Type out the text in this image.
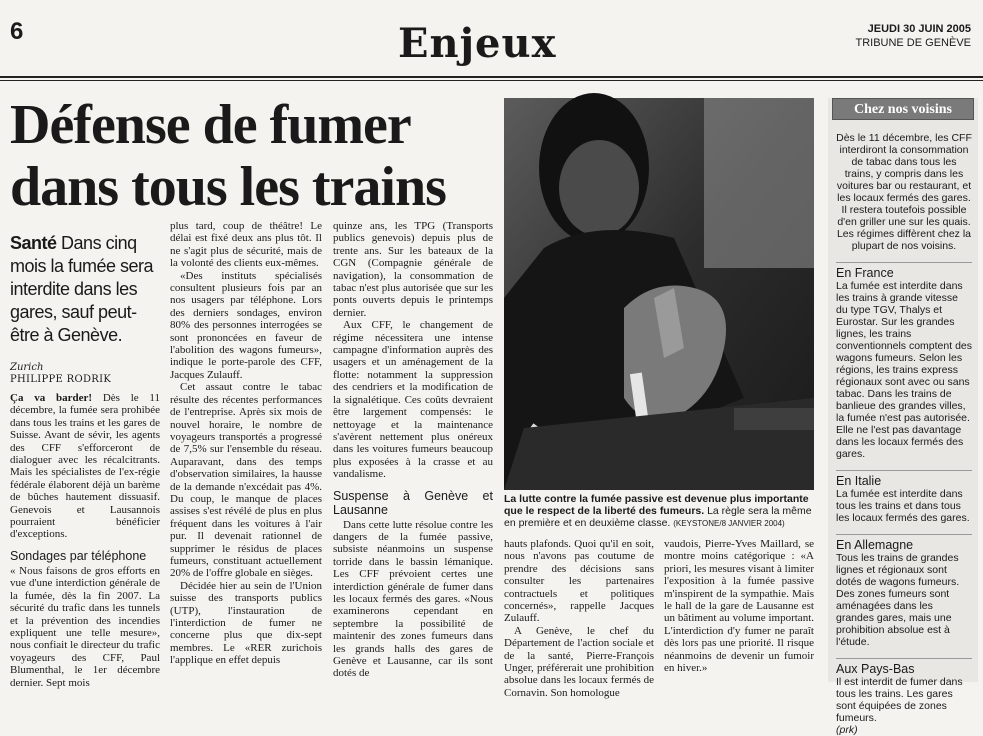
6	Enjeux	JEUDI 30 JUIN 2005
TRIBUNE DE GENÈVE
Défense de fumer
dans tous les trains
Santé Dans cinq mois la fumée sera interdite dans les gares, sauf peut-être à Genève.
Zurich
PHILIPPE RODRIK

Ça va barder! Dès le 11 décembre, la fumée sera prohibée dans tous les trains et les gares de Suisse. Avant de sévir, les agents des CFF s'efforceront de dialoguer avec les récalcitrants. Mais les spécialistes de l'ex-régie fédérale élaborent déjà un barème de bûches hautement dissuasif. Genevois et Lausannois pourraient bénéficier d'exceptions.

Sondages par téléphone

« Nous faisons de gros efforts en vue d'une interdiction générale de la fumée, dès la fin 2007. La sécurité du trafic dans les tunnels et la prévention des incendies expliquent une telle mesure», nous confiait le directeur du trafic voyageurs des CFF, Paul Blumenthal, le 1er décembre dernier. Sept mois

plus tard, coup de théâtre! Le délai est fixé deux ans plus tôt. Il ne s'agit plus de sécurité, mais de la volonté des clients eux-mêmes.

«Des instituts spécialisés consultent plusieurs fois par an nos usagers par téléphone. Lors des derniers sondages, environ 80% des personnes interrogées se sont prononcées en faveur de l'abolition des wagons fumeurs», indique le porte-parole des CFF, Jacques Zulauff.

Cet assaut contre le tabac résulte des récentes performances de l'entreprise. Après six mois de nouvel horaire, le nombre de voyageurs transportés a progressé de 7,5% sur l'ensemble du réseau. Auparavant, dans des temps d'observation similaires, la hausse de la demande n'excédait pas 4%. Du coup, le manque de places assises s'est révélé de plus en plus fréquent dans les voitures à l'air pur. Il devenait rationnel de supprimer le résidus de places fumeurs, constituant actuellement 20% de l'offre globale en sièges.

Décidée hier au sein de l'Union suisse des transports publics (UTP), l'instauration de l'interdiction de fumer ne concerne plus que dix-sept membres. Le «RER zurichois l'applique en effet depuis

quinze ans, les TPG (Transports publics genevois) depuis plus de trente ans. Sur les bateaux de la CGN (Compagnie générale de navigation), la consommation de tabac n'est plus autorisée que sur les ponts ouverts depuis le printemps dernier.

Aux CFF, le changement de régime nécessitera une intense campagne d'information auprès des usagers et un aménagement de la flotte: notamment la suppression des cendriers et la modification de la signalétique. Ces coûts devraient être largement compensés: le nettoyage et la maintenance s'avèrent nettement plus onéreux dans les voitures fumeurs beaucoup plus exposées à la crasse et au vandalisme.

Suspense à Genève et Lausanne

Dans cette lutte résolue contre les dangers de la fumée passive, subsiste néanmoins un suspense torride dans le bassin lémanique. Les CFF prévoient certes une interdiction générale de fumer dans les locaux fermés des gares. «Nous examinerons cependant en septembre la possibilité de maintenir des zones fumeurs dans les grands halls des gares de Genève et Lausanne, car ils sont dotés de

La lutte contre la fumée passive est devenue plus importante que le respect de la liberté des fumeurs. La règle sera la même en première et en deuxième classe. (KEYSTONE/8 JANVIER 2004)

hauts plafonds. Quoi qu'il en soit, nous n'avons pas coutume de prendre des décisions sans consulter les partenaires contractuels et politiques concernés», rappelle Jacques Zulauff.

A Genève, le chef du Département de l'action sociale et de la santé, Pierre-François Unger, préférerait une prohibition absolue dans les locaux fermés de Cornavin. Son homologue

vaudois, Pierre-Yves Maillard, se montre moins catégorique : «A priori, les mesures visant à limiter l'exposition à la fumée passive m'inspirent de la sympathie. Mais le hall de la gare de Lausanne est un bâtiment au volume important. L'interdiction d'y fumer ne paraît dès lors pas une priorité. Il risque néanmoins de devenir un fumoir en hiver.»

Chez nos voisins

Dès le 11 décembre, les CFF interdiront la consommation de tabac dans tous les trains, y compris dans les voitures bar ou restaurant, et les locaux fermés des gares. Il restera toutefois possible d'en griller une sur les quais. Les régimes diffèrent chez la plupart de nos voisins.

En France

La fumée est interdite dans les trains à grande vitesse du type TGV, Thalys et Eurostar. Sur les grandes lignes, les trains conventionnels comptent des wagons fumeurs. Selon les régions, les trains express régionaux sont avec ou sans tabac. Dans les trains de banlieue des grandes villes, la fumée n'est pas autorisée. Elle ne l'est pas davantage dans les locaux fermés des gares.

En Italie

La fumée est interdite dans tous les trains et dans tous les locaux fermés des gares.

En Allemagne

Tous les trains de grandes lignes et régionaux sont dotés de wagons fumeurs. Des zones fumeurs sont aménagées dans les grandes gares, mais une prohibition absolue est à l'étude.

Aux Pays-Bas

Il est interdit de fumer dans tous les trains. Les gares sont équipées de zones fumeurs.

(prk)
